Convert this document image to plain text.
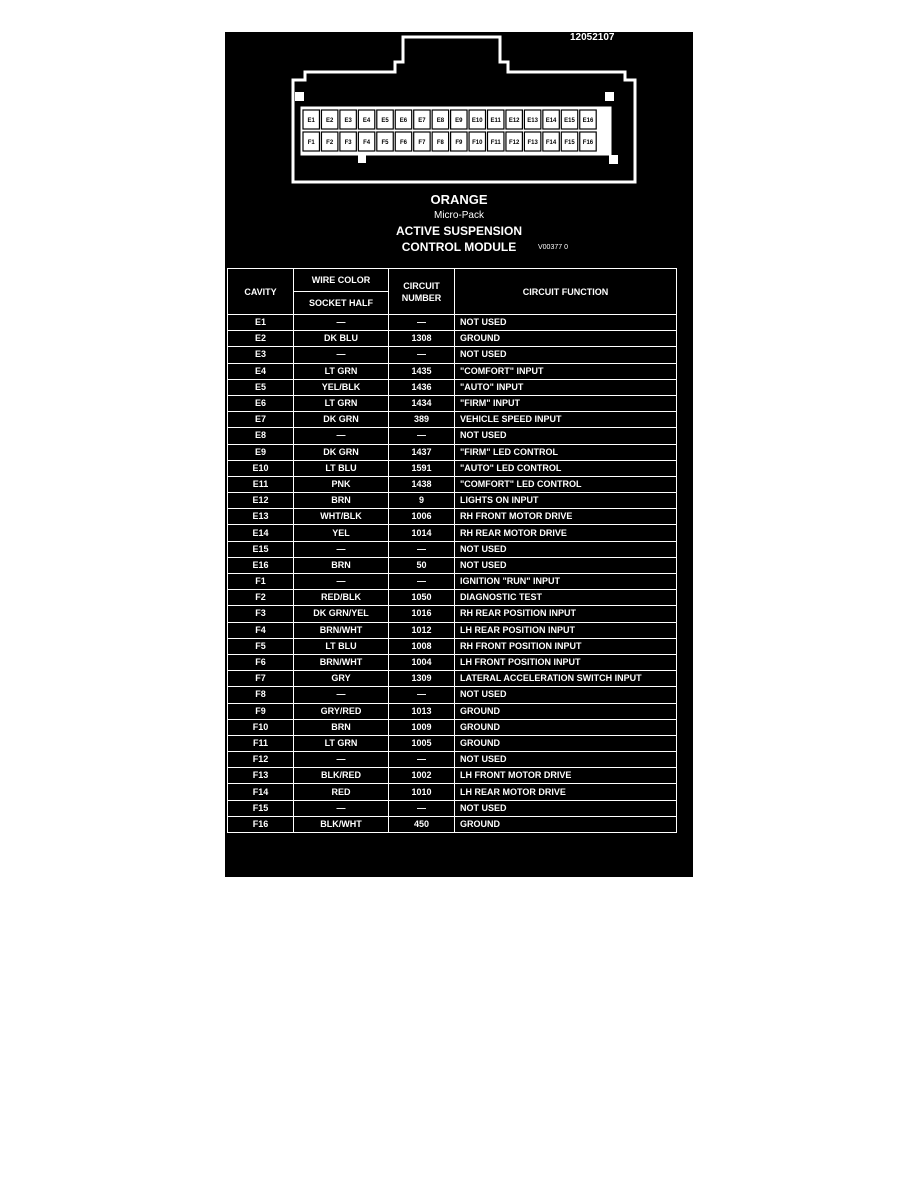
E1 E2 E3 E4 E5 E6 E7 E8 E9 E10 E11 E12 E13 E14 E15 E16
F1 F2 F3 F4 F5 F6 F7 F8 F9 F10 F11 F12 F13 F14 F15 F16
12052107
ORANGE
Micro-Pack
ACTIVE SUSPENSION
CONTROL MODULE	V00377 0
CAVITY	WIRE COLOR	CIRCUIT NUMBER	CIRCUIT FUNCTION
	SOCKET HALF		
E1	—	—	NOT USED
E2	DK BLU	1308	GROUND
E3	—	—	NOT USED
E4	LT GRN	1435	"COMFORT" INPUT
E5	YEL/BLK	1436	"AUTO" INPUT
E6	LT GRN	1434	"FIRM" INPUT
E7	DK GRN	389	VEHICLE SPEED INPUT
E8	—	—	NOT USED
E9	DK GRN	1437	"FIRM" LED CONTROL
E10	LT BLU	1591	"AUTO" LED CONTROL
E11	PNK	1438	"COMFORT" LED CONTROL
E12	BRN	9	LIGHTS ON INPUT
E13	WHT/BLK	1006	RH FRONT MOTOR DRIVE
E14	YEL	1014	RH REAR MOTOR DRIVE
E15	—	—	NOT USED
E16	BRN	50	NOT USED
F1	—	—	IGNITION "RUN" INPUT
F2	RED/BLK	1050	DIAGNOSTIC TEST
F3	DK GRN/YEL	1016	RH REAR POSITION INPUT
F4	BRN/WHT	1012	LH REAR POSITION INPUT
F5	LT BLU	1008	RH FRONT POSITION INPUT
F6	BRN/WHT	1004	LH FRONT POSITION INPUT
F7	GRY	1309	LATERAL ACCELERATION SWITCH INPUT
F8	—	—	NOT USED
F9	GRY/RED	1013	GROUND
F10	BRN	1009	GROUND
F11	LT GRN	1005	GROUND
F12	—	—	NOT USED
F13	BLK/RED	1002	LH FRONT MOTOR DRIVE
F14	RED	1010	LH REAR MOTOR DRIVE
F15	—	—	NOT USED
F16	BLK/WHT	450	GROUND
